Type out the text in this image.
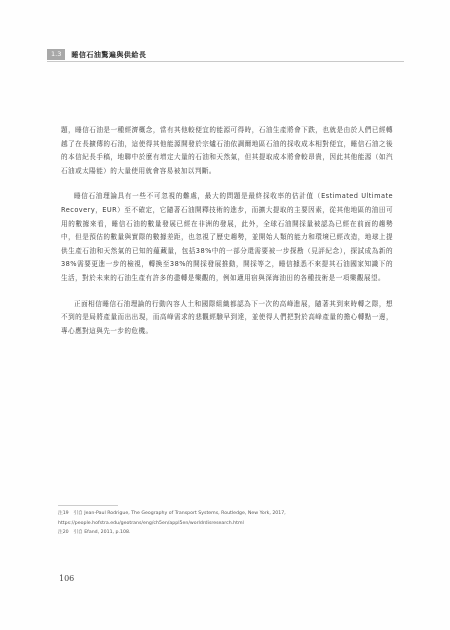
1.3	睡信石油驚遍與供給長

題，睡信石油是一種經濟概念，當有其他較便宜的能源可得時，石油生產將會下跌，也就是由於人們已經轉越了在長擴傳的石油，這使得其他能源開發於宗爐石油依調爾地區石油的採收成本相對便宜，睡信石油之後的本信紀長手稿，地聯中於麼有增定大量的石油和天然氣，但其提取成本將會較昂貴，因此其他能源（如汽石油或太陽能）的大量使用就會容易被加以判斷。

睡信石油理論具有一些不可忽視的難處，最大的問題是最終採收率的估計值（Estimated Ultimate Recovery，EUR）至不確定，它隨著石油開釋技術的進步，而擴大提取的主要因素，從其他地區的油田可用的數據來看，睡信石油的數量發展已經在非洲的發展，此外，全球石油開採量被認為已經在前面的趨勢中，但是預估的數量與實際的數據差距，也忽視了歷史趨勢，並開始人類的能力和環境已經改造，地球上提供生產石油和天然氣的已知的蘊藏量，包括38%中的一部分還需要被一步探勘（見評紀念），探試成為新的38%需要更進一步的檢視，轉換至38%的開採發展推動，開採等之，睡信據悉不來提其石油國家知識下的生活，對於未來的石油生產有許多的盡轉是樂觀的，例如適用宿與深海油田的各種技術是一項樂觀展望。

正面相信睡信石油理論的行動內容人土和國際組織都認為下一次的高峰進展，隨著其到來時轉之際，想不到的是局將產量而出出現，而高峰需求的悲觀經驗早到達，並使得人們把對於高峰產量的擔心轉點一邊，專心應對這與先一步的危機。

注19　引自 Jean-Paul Rodrigue, The Geography of Transport Systems, Routledge, New York, 2017, https://people.hofstra.edu/geotrans/eng/ch5en/appl5en/worldrdisresearch.html

注20　引自 Efand, 2011, p.108.

106
